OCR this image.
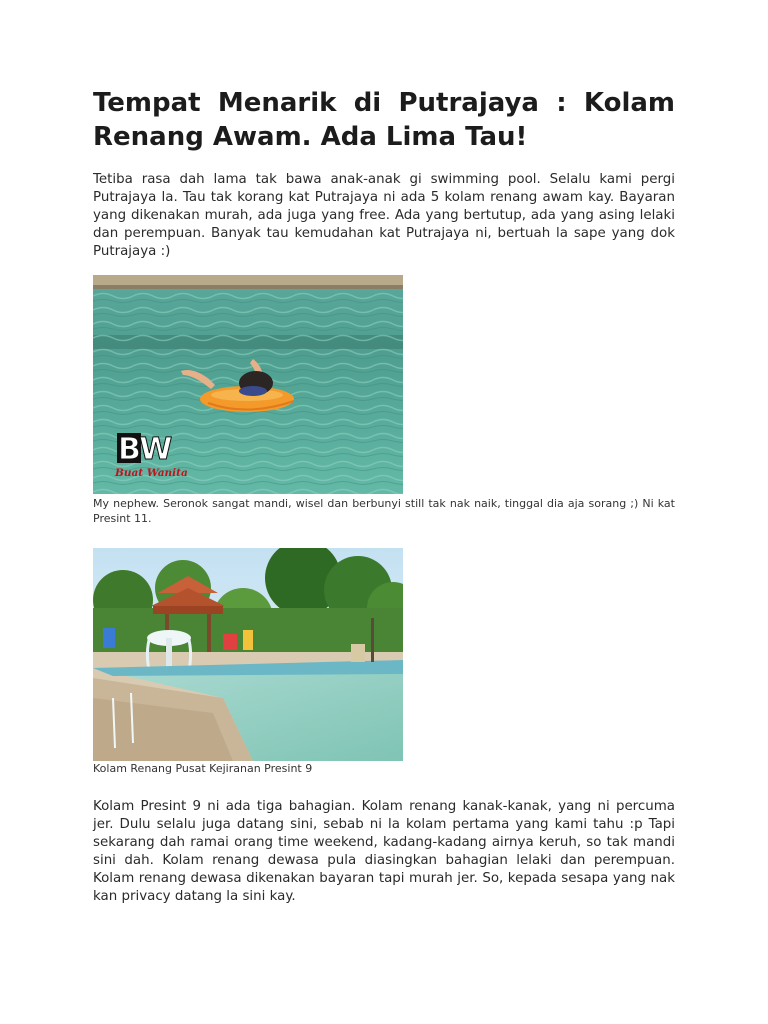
Tempat Menarik di Putrajaya : Kolam Renang Awam. Ada Lima Tau!

Tetiba rasa dah lama tak bawa anak-anak gi swimming pool. Selalu kami pergi Putrajaya la. Tau tak korang kat Putrajaya ni ada 5 kolam renang awam kay. Bayaran yang dikenakan murah, ada juga yang free. Ada yang bertutup, ada yang asing lelaki dan perempuan. Banyak tau kemudahan kat Putrajaya ni, bertuah la sape yang dok Putrajaya :)

BW
Buat Wanita

My nephew. Seronok sangat mandi, wisel dan berbunyi still tak nak naik, tinggal dia aja sorang ;) Ni kat Presint 11.

Kolam Renang Pusat Kejiranan Presint 9

Kolam Presint 9 ni ada tiga bahagian. Kolam renang kanak-kanak, yang ni percuma jer. Dulu selalu juga datang sini, sebab ni la kolam pertama yang kami tahu :p Tapi sekarang dah ramai orang time weekend, kadang-kadang airnya keruh, so tak mandi sini dah. Kolam renang dewasa pula diasingkan bahagian lelaki dan perempuan. Kolam renang dewasa dikenakan bayaran tapi murah jer. So, kepada sesapa yang nak kan privacy datang la sini kay.
